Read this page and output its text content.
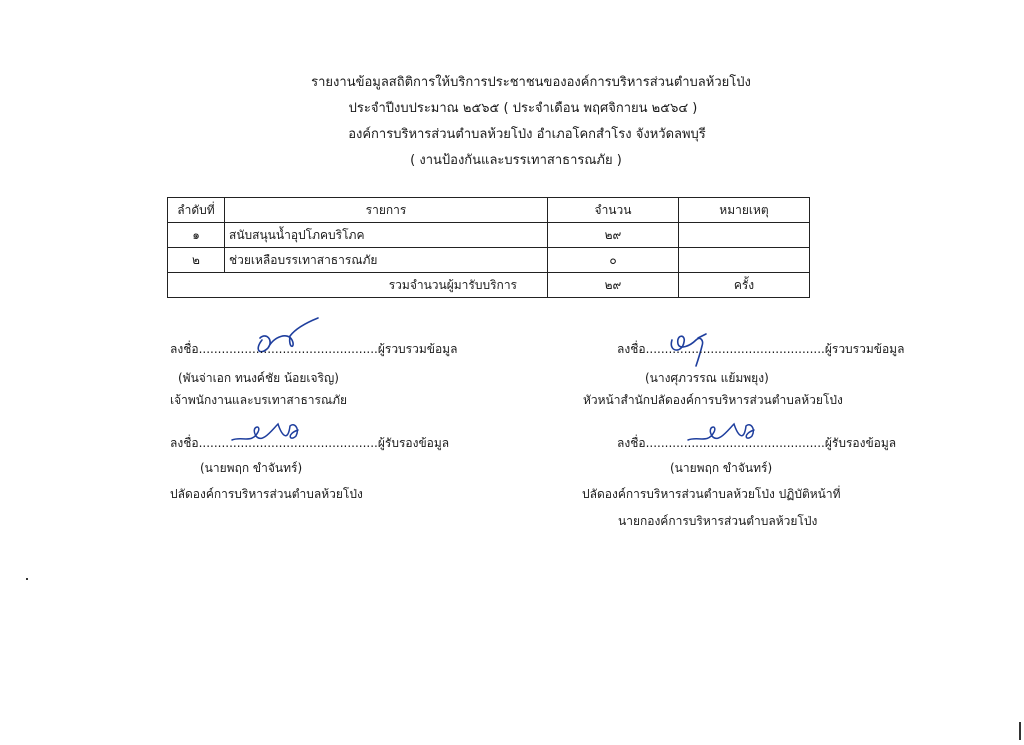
รายงานข้อมูลสถิติการให้บริการประชาชนขององค์การบริหารส่วนตำบลห้วยโป่ง
ประจำปีงบประมาณ ๒๕๖๕ ( ประจำเดือน พฤศจิกายน ๒๕๖๔ )
องค์การบริหารส่วนตำบลห้วยโป่ง อำเภอโคกสำโรง จังหวัดลพบุรี
( งานป้องกันและบรรเทาสาธารณภัย )
ลำดับที่	รายการ	จำนวน	หมายเหตุ
๑	สนับสนุนน้ำอุปโภคบริโภค	๒๙	
๒	ช่วยเหลือบรรเทาสาธารณภัย	๐	
รวมจำนวนผู้มารับบริการ		๒๙	ครั้ง
ลงชื่อ...............................................ผู้รวบรวมข้อมูล
(พันจ่าเอก ทนงค์ชัย น้อยเจริญ)
เจ้าพนักงานและบรเทาสาธารณภัย
ลงชื่อ...............................................ผู้รับรองข้อมูล
(นายพฤก ขำจันทร์)
ปลัดองค์การบริหารส่วนตำบลห้วยโป่ง
ลงชื่อ...............................................ผู้รวบรวมข้อมูล
(นางศุภวรรณ แย้มพยุง)
หัวหน้าสำนักปลัดองค์การบริหารส่วนตำบลห้วยโป่ง
ลงชื่อ...............................................ผู้รับรองข้อมูล
(นายพฤก ขำจันทร์)
ปลัดองค์การบริหารส่วนตำบลห้วยโป่ง ปฏิบัติหน้าที่
นายกองค์การบริหารส่วนตำบลห้วยโป่ง
